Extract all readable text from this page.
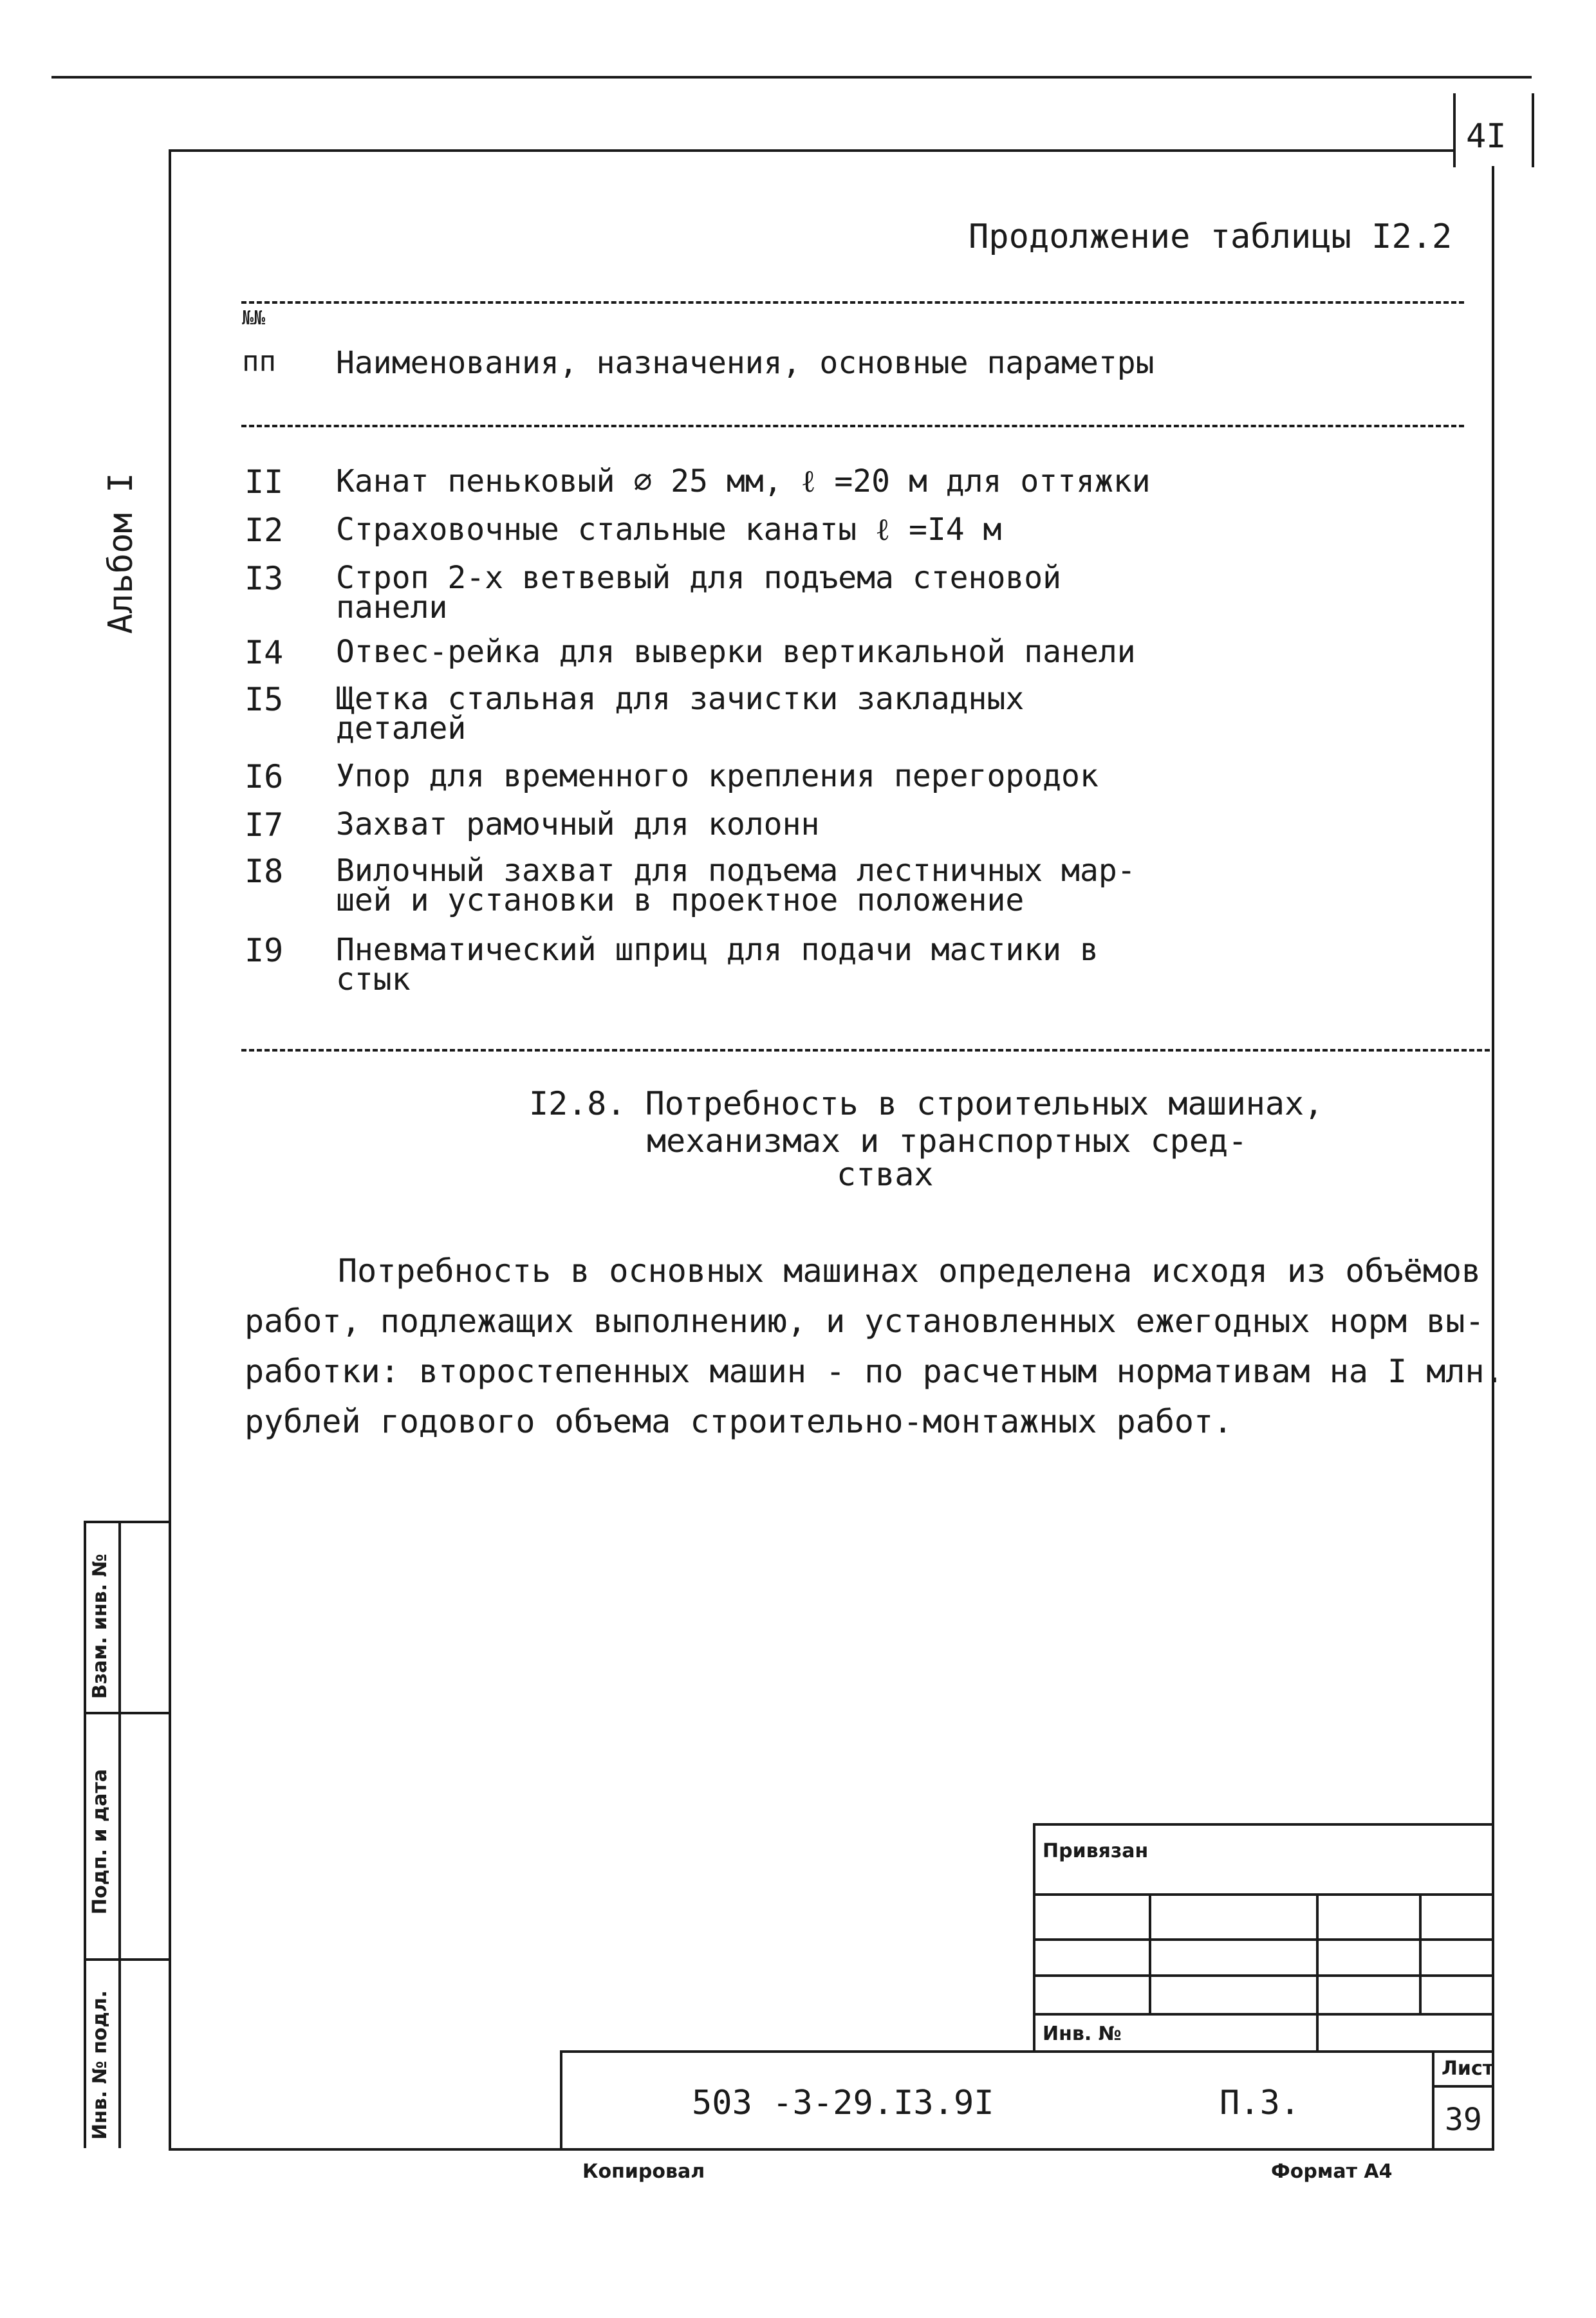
4I
Альбом I
Взам. инв. №
Подп. и дата
Инв. № подл.
Продолжение таблицы I2.2
№№
пп Наименования, назначения, основные параметры
II Канат пеньковый ∅ 25 мм, ℓ =20 м для оттяжки
I2 Страховочные стальные канаты ℓ =I4 м
I3 Строп 2-х ветвевый для подъема стеновой
панели
I4 Отвес-рейка для выверки вертикальной панели
I5 Щетка стальная для зачистки закладных
деталей
I6 Упор для временного крепления перегородок
I7 Захват рамочный для колонн
I8 Вилочный захват для подъема лестничных мар-
шей и установки в проектное положение
I9 Пневматический шприц для подачи мастики в
стык
I2.8. Потребность в строительных машинах,
механизмах и транспортных сред-
ствах
Потребность в основных машинах определена исходя из объёмов
работ, подлежащих выполнению, и установленных ежегодных норм вы-
работки: второстепенных машин - по расчетным нормативам на I млн.
рублей годового объема строительно-монтажных работ.
Привязан
Инв. №
503 -3-29.I3.9I	П.З.
Лист
39
Копировал	Формат А4
